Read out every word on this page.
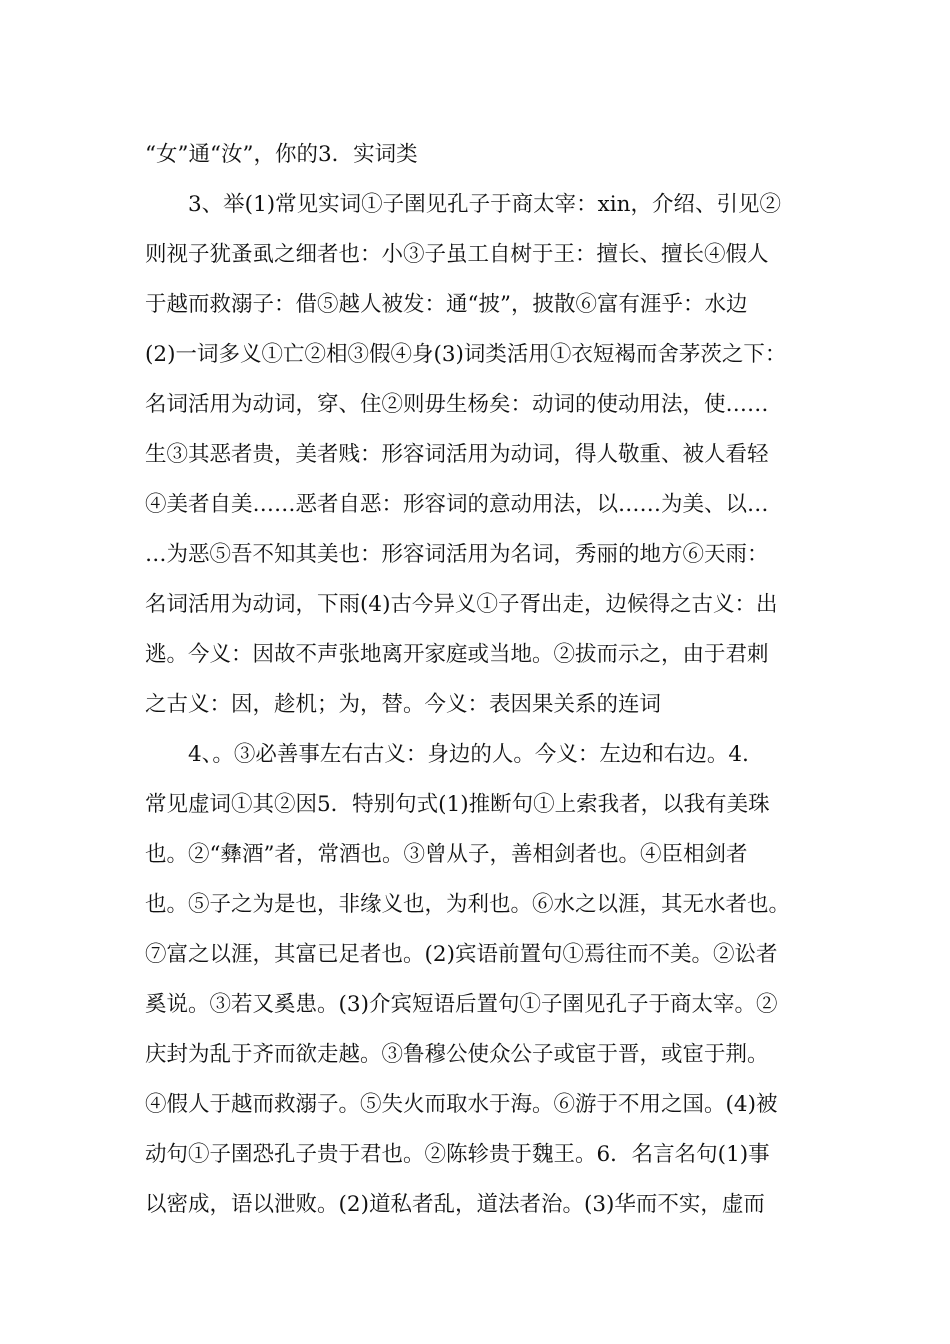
“女”通“汝”，你的3．实词类
3、举(1)常见实词①子圉见孔子于商太宰：xin，介绍、引见②
则视子犹蚤虱之细者也：小③子虽工自树于王：擅长、擅长④假人
于越而救溺子：借⑤越人被发：通“披”，披散⑥富有涯乎：水边
(2)一词多义①亡②相③假④身(3)词类活用①衣短褐而舍茅茨之下：
名词活用为动词，穿、住②则毋生杨矣：动词的使动用法，使……
生③其恶者贵，美者贱：形容词活用为动词，得人敬重、被人看轻
④美者自美……恶者自恶：形容词的意动用法，以……为美、以…
…为恶⑤吾不知其美也：形容词活用为名词，秀丽的地方⑥天雨：
名词活用为动词，下雨(4)古今异义①子胥出走，边候得之古义：出
逃。今义：因故不声张地离开家庭或当地。②拔而示之，由于君刺
之古义：因，趁机；为，替。今义：表因果关系的连词
4、。③必善事左右古义：身边的人。今义：左边和右边。4．
常见虚词①其②因5．特别句式(1)推断句①上索我者，以我有美珠
也。②“彝酒”者，常酒也。③曾从子，善相剑者也。④臣相剑者
也。⑤子之为是也，非缘义也，为利也。⑥水之以涯，其无水者也。
⑦富之以涯，其富已足者也。(2)宾语前置句①焉往而不美。②讼者
奚说。③若又奚患。(3)介宾短语后置句①子圉见孔子于商太宰。②
庆封为乱于齐而欲走越。③鲁穆公使众公子或宦于晋，或宦于荆。
④假人于越而救溺子。⑤失火而取水于海。⑥游于不用之国。(4)被
动句①子圉恐孔子贵于君也。②陈轸贵于魏王。6．名言名句(1)事
以密成，语以泄败。(2)道私者乱，道法者治。(3)华而不实，虚而
